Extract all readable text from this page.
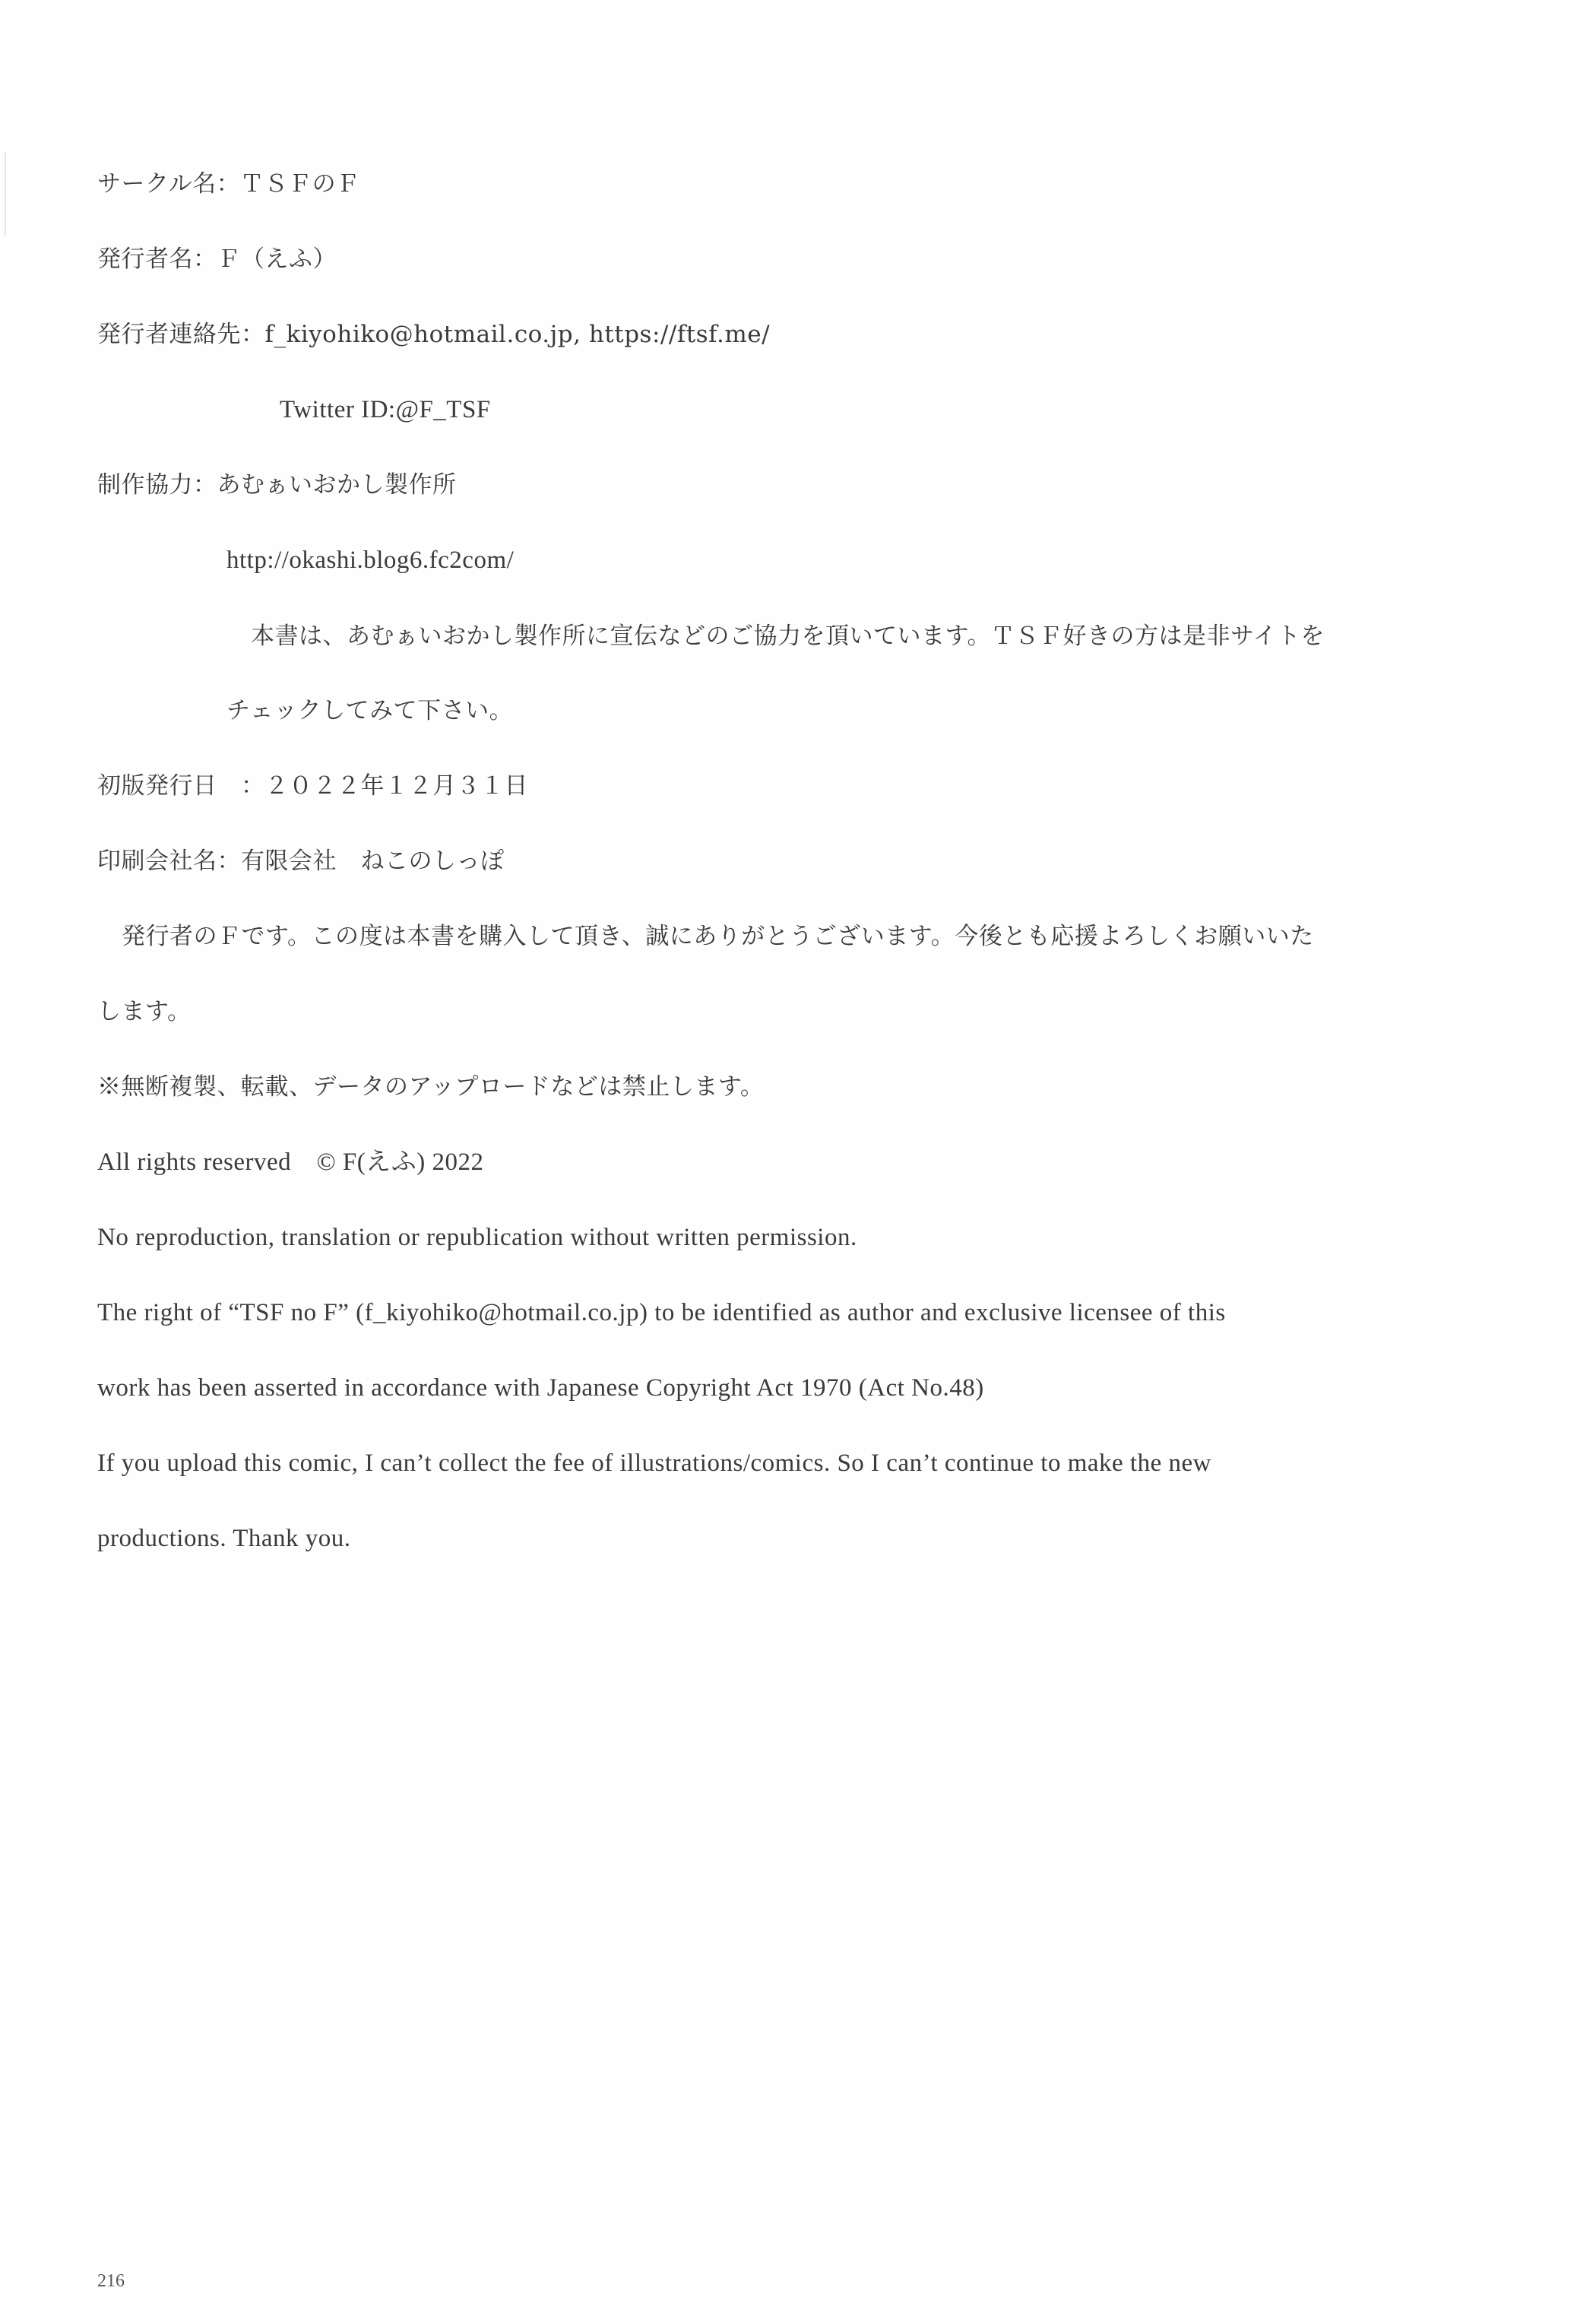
サークル名：ＴＳＦのＦ
発行者名：Ｆ（えふ）
発行者連絡先：f_kiyohiko@hotmail.co.jp, https://ftsf.me/
Twitter ID:@F_TSF
制作協力：あむぁいおかし製作所
http://okashi.blog6.fc2com/
本書は、あむぁいおかし製作所に宣伝などのご協力を頂いています。ＴＳＦ好きの方は是非サイトを
チェックしてみて下さい。
初版発行日　：２０２２年１２月３１日
印刷会社名：有限会社　ねこのしっぽ
発行者のＦです。この度は本書を購入して頂き、誠にありがとうございます。今後とも応援よろしくお願いいた
します。
※無断複製、転載、データのアップロードなどは禁止します。
All rights reserved　© F(えふ) 2022
No reproduction, translation or republication without written permission.
The right of “TSF no F” (f_kiyohiko@hotmail.co.jp) to be identified as author and exclusive licensee of this
work has been asserted in accordance with Japanese Copyright Act 1970 (Act No.48)
If you upload this comic, I can’t collect the fee of illustrations/comics. So I can’t continue to make the new
productions. Thank you.
216
